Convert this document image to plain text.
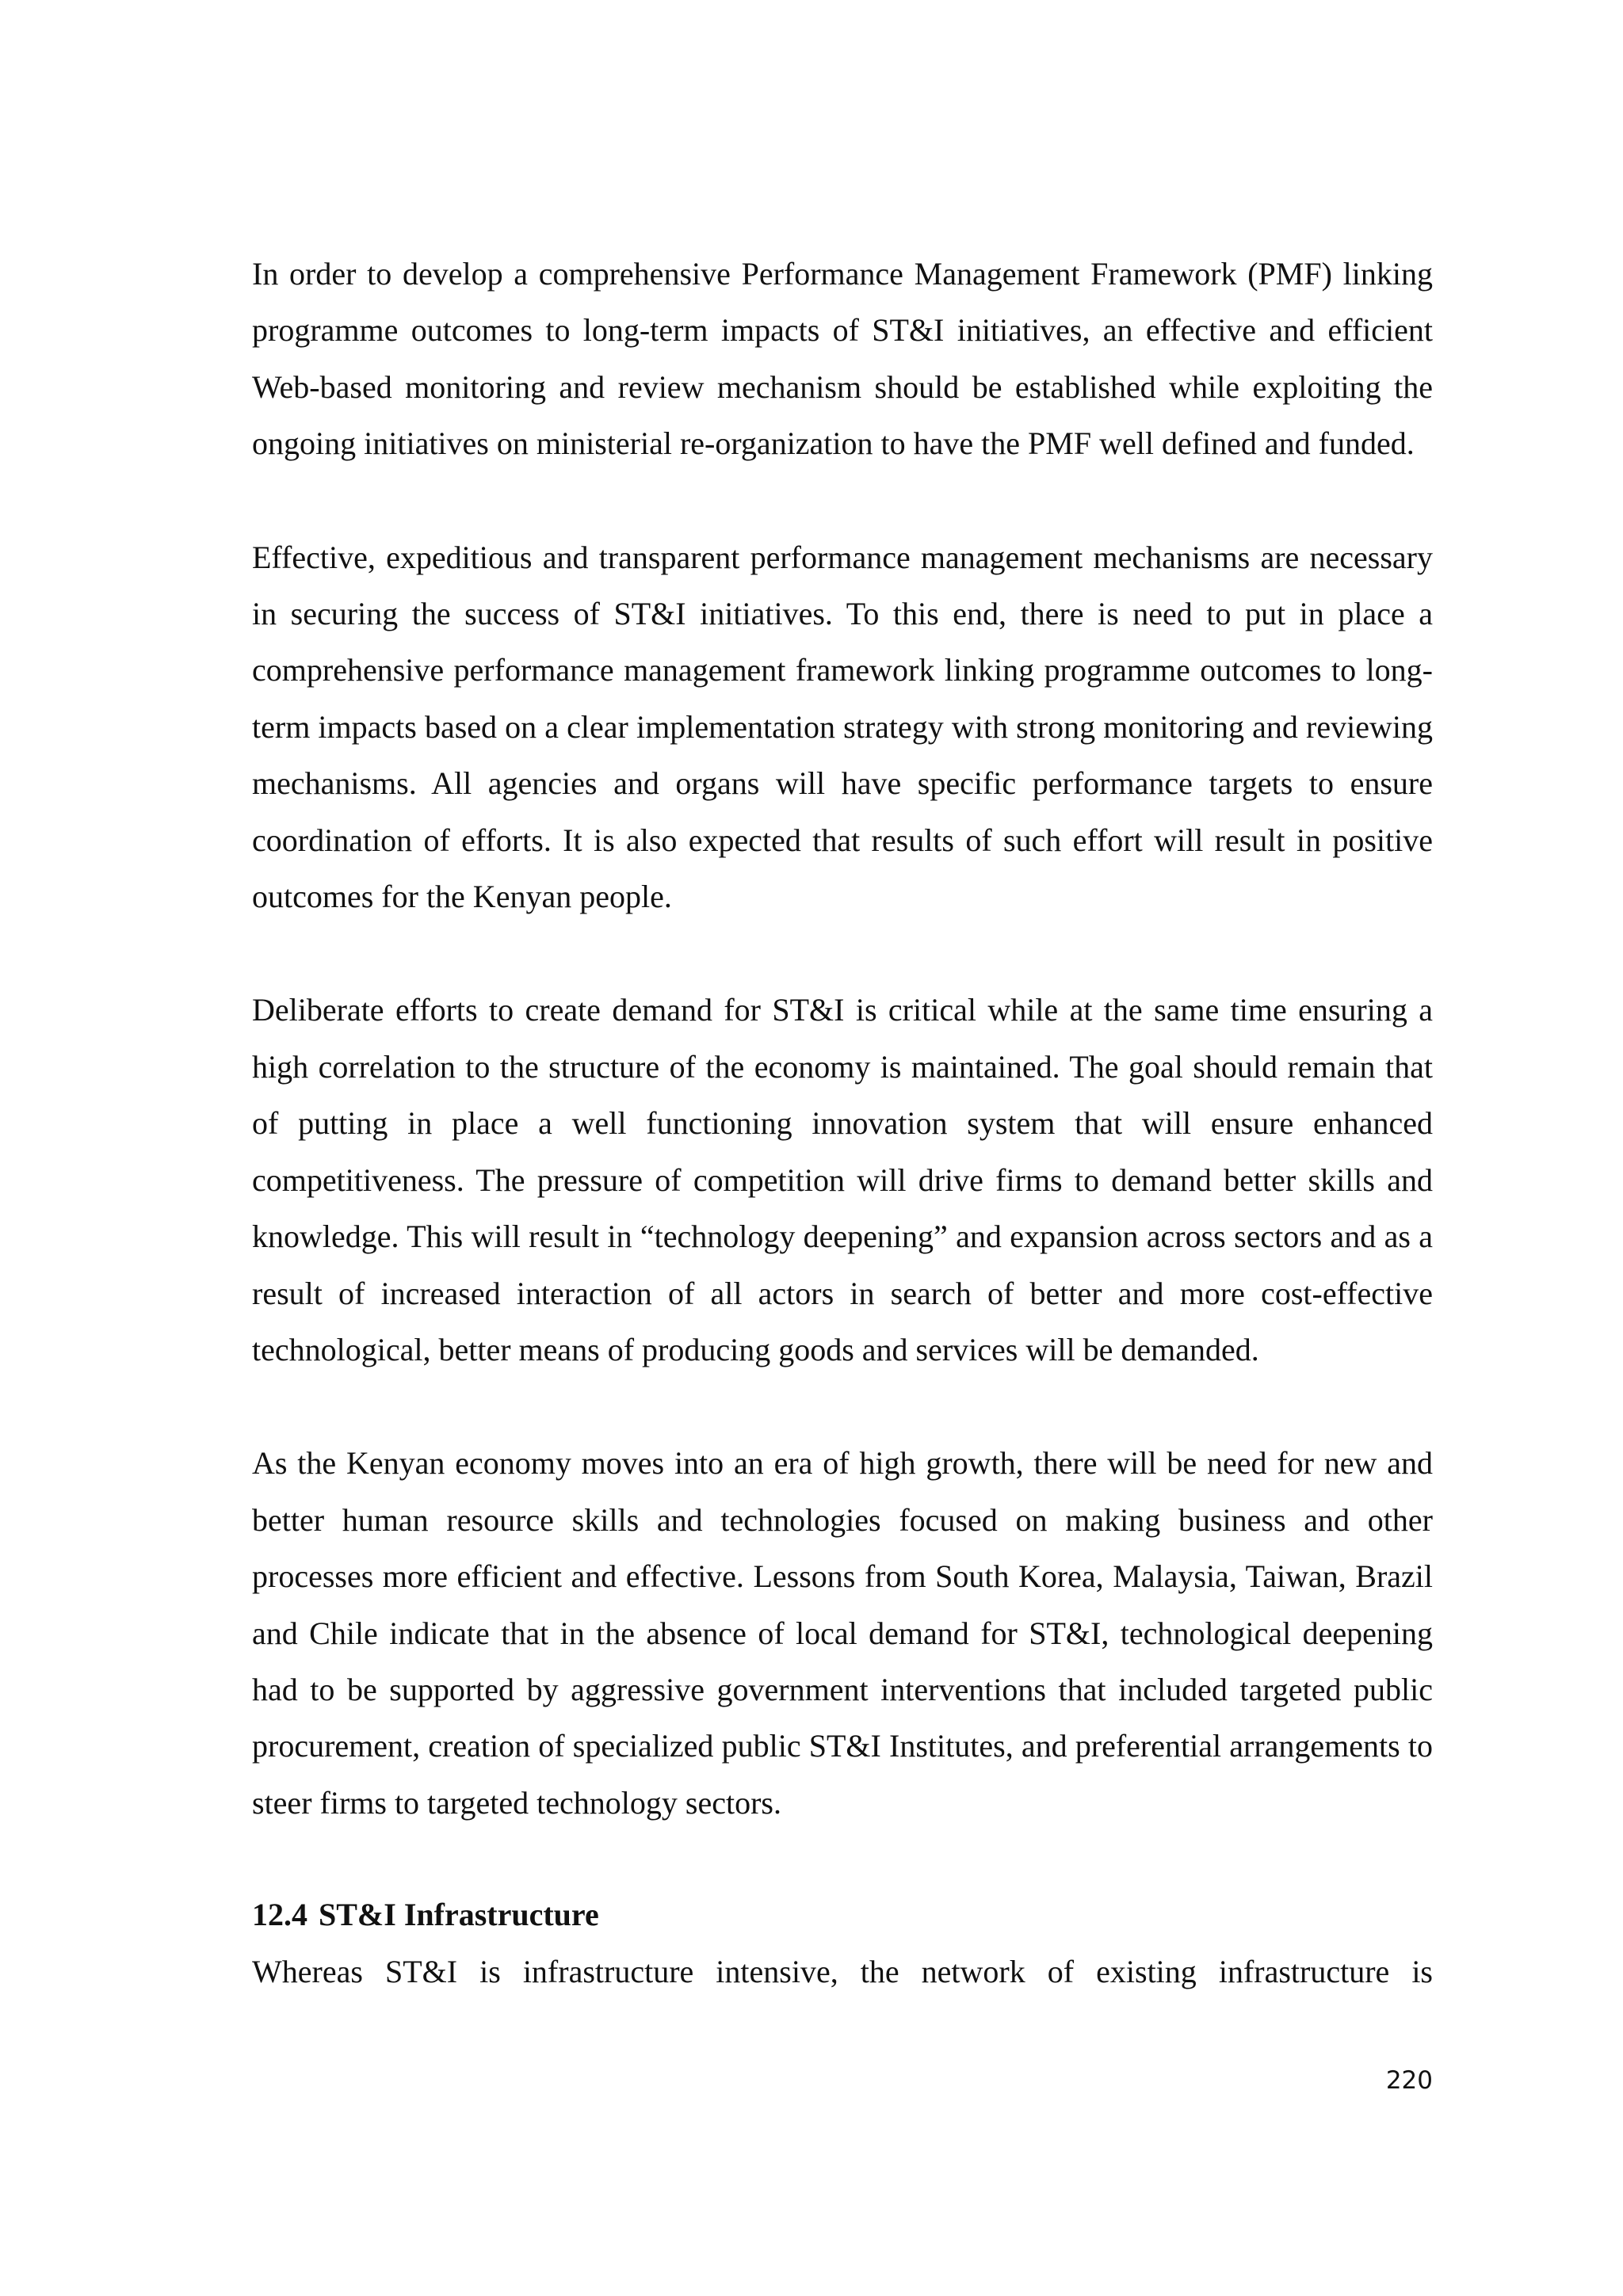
In order to develop a comprehensive Performance Management Framework (PMF) linking programme outcomes to long-term impacts of ST&I initiatives, an effective and efficient Web-based monitoring and review mechanism should be established while exploiting the ongoing initiatives on ministerial re-organization to have the PMF well defined and funded.

Effective, expeditious and transparent performance management mechanisms are necessary in securing the success of ST&I initiatives. To this end, there is need to put in place a comprehensive performance management framework linking programme outcomes to long-term impacts based on a clear implementation strategy with strong monitoring and reviewing mechanisms. All agencies and organs will have specific performance targets to ensure coordination of efforts. It is also expected that results of such effort will result in positive outcomes for the Kenyan people.

Deliberate efforts to create demand for ST&I is critical while at the same time ensuring a high correlation to the structure of the economy is maintained. The goal should remain that of putting in place a well functioning innovation system that will ensure enhanced competitiveness. The pressure of competition will drive firms to demand better skills and knowledge. This will result in “technology deepening” and expansion across sectors and as a result of increased interaction of all actors in search of better and more cost-effective technological, better means of producing goods and services will be demanded.

As the Kenyan economy moves into an era of high growth, there will be need for new and better human resource skills and technologies focused on making business and other processes more efficient and effective. Lessons from South Korea, Malaysia, Taiwan, Brazil and Chile indicate that in the absence of local demand for ST&I, technological deepening had to be supported by aggressive government interventions that included targeted public procurement, creation of specialized public ST&I Institutes, and preferential arrangements to steer firms to targeted technology sectors.

12.4 ST&I Infrastructure

Whereas ST&I is infrastructure intensive, the network of existing infrastructure is

220
